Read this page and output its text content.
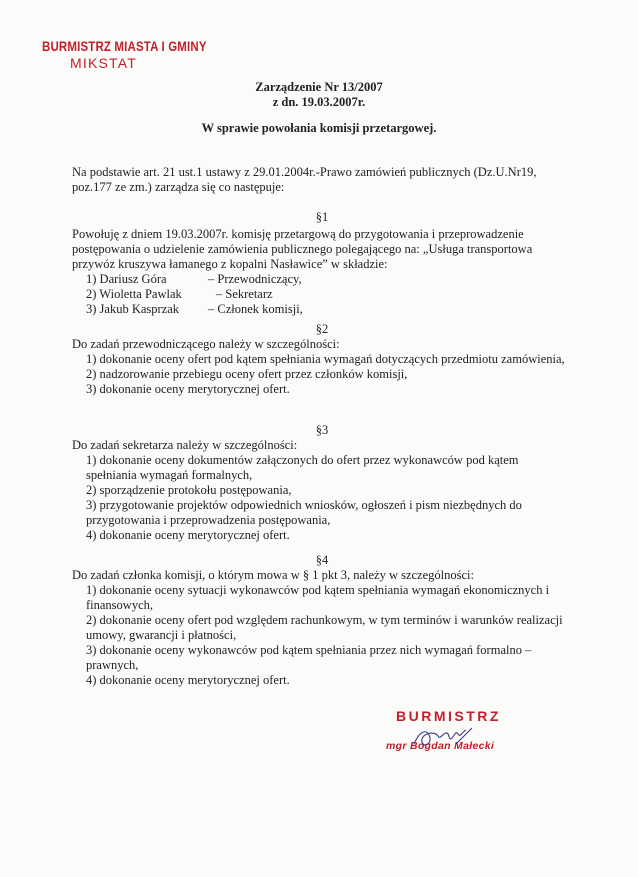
BURMISTRZ MIASTA I GMINY
MIKSTAT
Zarządzenie Nr 13/2007
z dn. 19.03.2007r.
W sprawie powołania komisji przetargowej.

Na podstawie art. 21 ust.1 ustawy z 29.01.2004r.-Prawo zamówień publicznych (Dz.U.Nr19, poz.177 ze zm.) zarządza się co następuje:

§1

Powołuję z dniem 19.03.2007r. komisję przetargową do przygotowania i przeprowadzenie postępowania o udzielenie zamówienia publicznego polegającego na: „Usługa transportowa przywóz kruszywa łamanego z kopalni Nasławice” w składzie:

1) Dariusz Góra	– Przewodniczący,
2) Wioletta Pawlak	– Sekretarz
3) Jakub Kasprzak	– Członek komisji,

§2

Do zadań przewodniczącego należy w szczególności:

1) dokonanie oceny ofert pod kątem spełniania wymagań dotyczących przedmiotu zamówienia,

2) nadzorowanie przebiegu oceny ofert przez członków komisji,

3) dokonanie oceny merytorycznej ofert.

§3

Do zadań sekretarza należy w szczególności:

1) dokonanie oceny dokumentów załączonych do ofert przez wykonawców pod kątem spełniania wymagań formalnych,

2) sporządzenie protokołu postępowania,

3) przygotowanie projektów odpowiednich wniosków, ogłoszeń i pism niezbędnych do przygotowania i przeprowadzenia postępowania,

4) dokonanie oceny merytorycznej ofert.

§4

Do zadań członka komisji, o którym mowa w § 1 pkt 3, należy w szczególności:

1) dokonanie oceny sytuacji wykonawców pod kątem spełniania wymagań ekonomicznych i finansowych,

2) dokonanie oceny ofert pod względem rachunkowym, w tym terminów i warunków realizacji umowy, gwarancji i płatności,

3) dokonanie oceny wykonawców pod kątem spełniania przez nich wymagań formalno – prawnych,

4) dokonanie oceny merytorycznej ofert.

BURMISTRZ
mgr Bogdan Małecki
